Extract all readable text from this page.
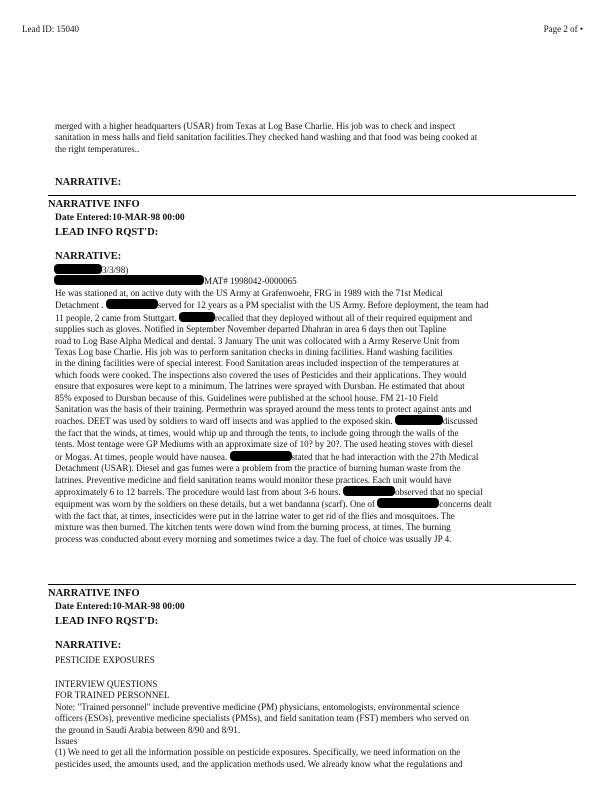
Lead ID: 15040	Page 2 of •
merged with a higher headquarters (USAR) from Texas at Log Base Charlie. His job was to check and inspect
sanitation in mess halls and field sanitation facilities.They checked hand washing and that food was being cooked at
the right temperatures..
NARRATIVE:
NARRATIVE INFO
Date Entered:10-MAR-98 00:00
LEAD INFO RQST'D:
NARRATIVE:
3/3/98)
MAT# 1998042-0000065
He was stationed at, on active duty with the US Army at Grafenwoehr, FRG in 1989 with the 71st Medical
Detachment .	served for 12 years as a PM specialist with the US Army. Before deployment, the team had
11 people, 2 came from Stuttgart.	recalled that they deployed without all of their required equipment and
supplies such as gloves. Notified in September November departed Dhahran in area 6 days then out Tapline
road to Log Base Alpha Medical and dental. 3 January The unit was collocated with a Army Reserve Unit from
Texas Log base Charlie. His job was to perform sanitation checks in dining facilities. Hand washing facilities
in the dining facilities were of special interest. Food Sanitation areas included inspection of the temperatures at
which foods were cooked. The inspections also covered the uses of Pesticides and their applications. They would
ensure that exposures were kept to a minimum. The latrines were sprayed with Dursban. He estimated that about
85% exposed to Dursban because of this. Guidelines were published at the school house. FM 21-10 Field
Sanitation was the basis of their training. Permethrin was sprayed around the mess tents to protect against ants and
roaches. DEET was used by soldiers to ward off insects and was applied to the exposed skin.	discussed
the fact that the winds, at times, would whip up and through the tents, to include going through the walls of the
tents. Most tentage were GP Mediums with an approximate size of 10? by 20?. The used heating stoves with diesel
or Mogas. At times, people would have nausea.	stated that he had interaction with the 27th Medical
Detachment (USAR). Diesel and gas fumes were a problem from the practice of burning human waste from the
latrines. Preventive medicine and field sanitation teams would monitor these practices. Each unit would have
approximately 6 to 12 barrels. The procedure would last from about 3-6 hours.	observed that no special
equipment was worn by the soldiers on these details, but a wet bandanna (scarf). One of	concerns dealt
with the fact that, at times, insecticides were put in the latrine water to get rid of the flies and mosquitoes. The
mixture was then burned. The kitchen tents were down wind from the burning process, at times. The burning
process was conducted about every morning and sometimes twice a day. The fuel of choice was usually JP 4.
NARRATIVE INFO
Date Entered:10-MAR-98 00:00
LEAD INFO RQST'D:
NARRATIVE:
PESTICIDE EXPOSURES
INTERVIEW QUESTIONS
FOR TRAINED PERSONNEL
Note: "Trained personnel" include preventive medicine (PM) physicians, entomologists, environmental science
officers (ESOs), preventive medicine specialists (PMSs), and field sanitation team (FST) members who served on
the ground in Saudi Arabia between 8/90 and 8/91.
Issues
(1) We need to get all the information possible on pesticide exposures. Specifically, we need information on the
pesticides used, the amounts used, and the application methods used. We already know what the regulations and
